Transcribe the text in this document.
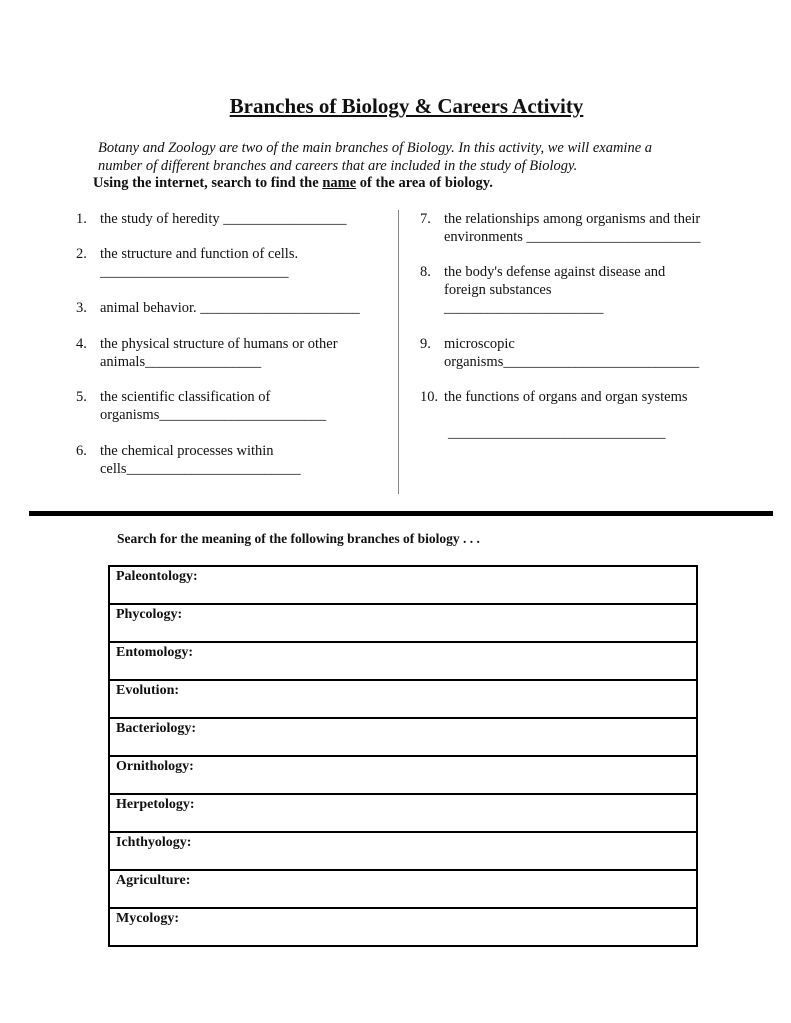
Branches of Biology & Careers Activity
Botany and Zoology are two of the main branches of Biology. In this activity, we will examine a
number of different branches and careers that are included in the study of Biology.
Using the internet, search to find the name of the area of biology.
1. the study of heredity _________________
2. the structure and function of cells.
__________________________
3. animal behavior. ______________________
4. the physical structure of humans or other
animals________________
5. the scientific classification of
organisms_______________________
6. the chemical processes within
cells________________________
7. the relationships among organisms and their
environments ________________________
8. the body's defense against disease and
foreign substances
______________________
9. microscopic
organisms___________________________
10. the functions of organs and organ systems
______________________________
Search for the meaning of the following branches of biology . . .
Paleontology:
Phycology:
Entomology:
Evolution:
Bacteriology:
Ornithology:
Herpetology:
Ichthyology:
Agriculture:
Mycology:
